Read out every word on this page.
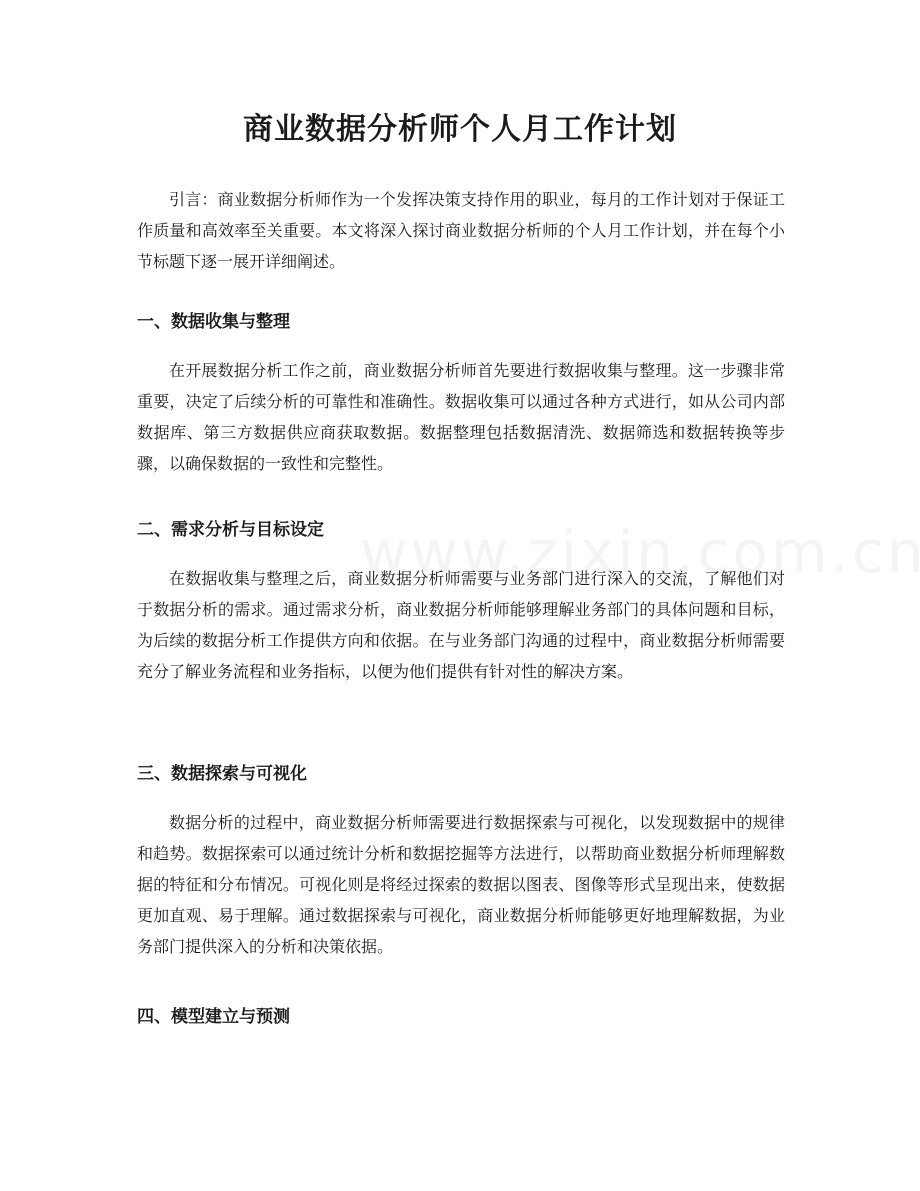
商业数据分析师个人月工作计划

引言：商业数据分析师作为一个发挥决策支持作用的职业，每月的工作计划对于保证工作质量和高效率至关重要。本文将深入探讨商业数据分析师的个人月工作计划，并在每个小节标题下逐一展开详细阐述。

一、数据收集与整理

在开展数据分析工作之前，商业数据分析师首先要进行数据收集与整理。这一步骤非常重要，决定了后续分析的可靠性和准确性。数据收集可以通过各种方式进行，如从公司内部数据库、第三方数据供应商获取数据。数据整理包括数据清洗、数据筛选和数据转换等步骤，以确保数据的一致性和完整性。

二、需求分析与目标设定

在数据收集与整理之后，商业数据分析师需要与业务部门进行深入的交流，了解他们对于数据分析的需求。通过需求分析，商业数据分析师能够理解业务部门的具体问题和目标，为后续的数据分析工作提供方向和依据。在与业务部门沟通的过程中，商业数据分析师需要充分了解业务流程和业务指标，以便为他们提供有针对性的解决方案。

三、数据探索与可视化

数据分析的过程中，商业数据分析师需要进行数据探索与可视化，以发现数据中的规律和趋势。数据探索可以通过统计分析和数据挖掘等方法进行，以帮助商业数据分析师理解数据的特征和分布情况。可视化则是将经过探索的数据以图表、图像等形式呈现出来，使数据更加直观、易于理解。通过数据探索与可视化，商业数据分析师能够更好地理解数据，为业务部门提供深入的分析和决策依据。

四、模型建立与预测
